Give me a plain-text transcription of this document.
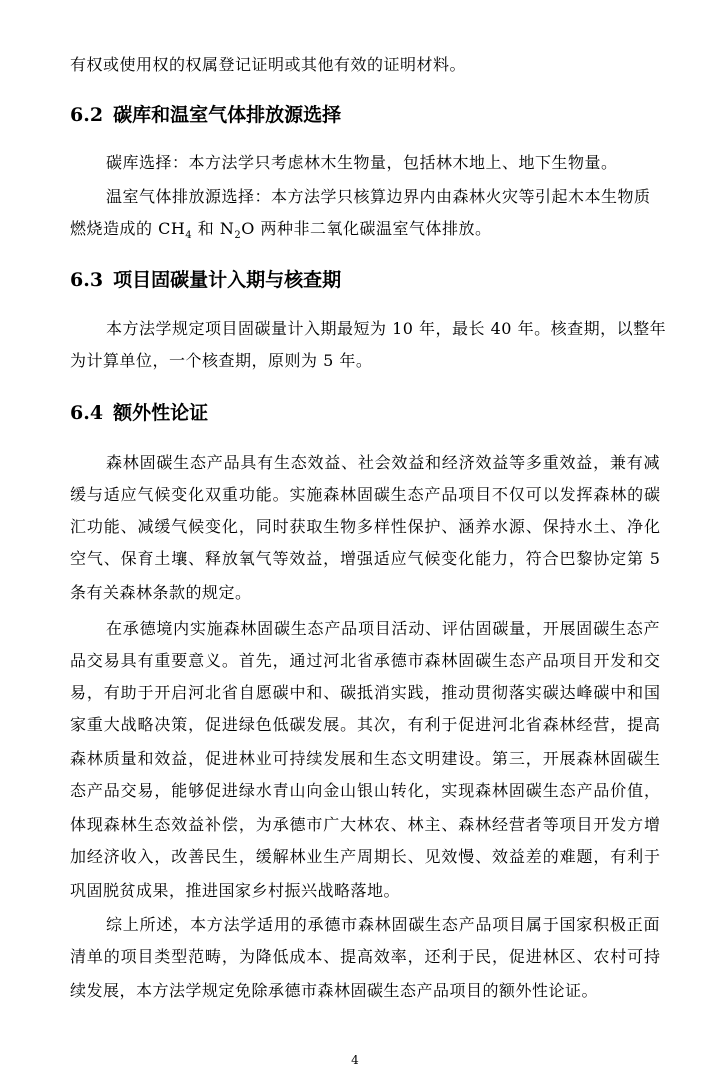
有权或使用权的权属登记证明或其他有效的证明材料。
6.2 碳库和温室气体排放源选择
碳库选择：本方法学只考虑林木生物量，包括林木地上、地下生物量。
温室气体排放源选择：本方法学只核算边界内由森林火灾等引起木本生物质
燃烧造成的 $CH_4$ 和 $N_2O$ 两种非二氧化碳温室气体排放。
6.3 项目固碳量计入期与核查期
本方法学规定项目固碳量计入期最短为 10 年，最长 40 年。核查期，以整年
为计算单位，一个核查期，原则为 5 年。
6.4 额外性论证
森林固碳生态产品具有生态效益、社会效益和经济效益等多重效益，兼有减
缓与适应气候变化双重功能。实施森林固碳生态产品项目不仅可以发挥森林的碳
汇功能、减缓气候变化，同时获取生物多样性保护、涵养水源、保持水土、净化
空气、保育土壤、释放氧气等效益，增强适应气候变化能力，符合巴黎协定第 5
条有关森林条款的规定。
在承德境内实施森林固碳生态产品项目活动、评估固碳量，开展固碳生态产
品交易具有重要意义。首先，通过河北省承德市森林固碳生态产品项目开发和交
易，有助于开启河北省自愿碳中和、碳抵消实践，推动贯彻落实碳达峰碳中和国
家重大战略决策，促进绿色低碳发展。其次，有利于促进河北省森林经营，提高
森林质量和效益，促进林业可持续发展和生态文明建设。第三，开展森林固碳生
态产品交易，能够促进绿水青山向金山银山转化，实现森林固碳生态产品价值，
体现森林生态效益补偿，为承德市广大林农、林主、森林经营者等项目开发方增
加经济收入，改善民生，缓解林业生产周期长、见效慢、效益差的难题，有利于
巩固脱贫成果，推进国家乡村振兴战略落地。
综上所述，本方法学适用的承德市森林固碳生态产品项目属于国家积极正面
清单的项目类型范畴，为降低成本、提高效率，还利于民，促进林区、农村可持
续发展，本方法学规定免除承德市森林固碳生态产品项目的额外性论证。
4
